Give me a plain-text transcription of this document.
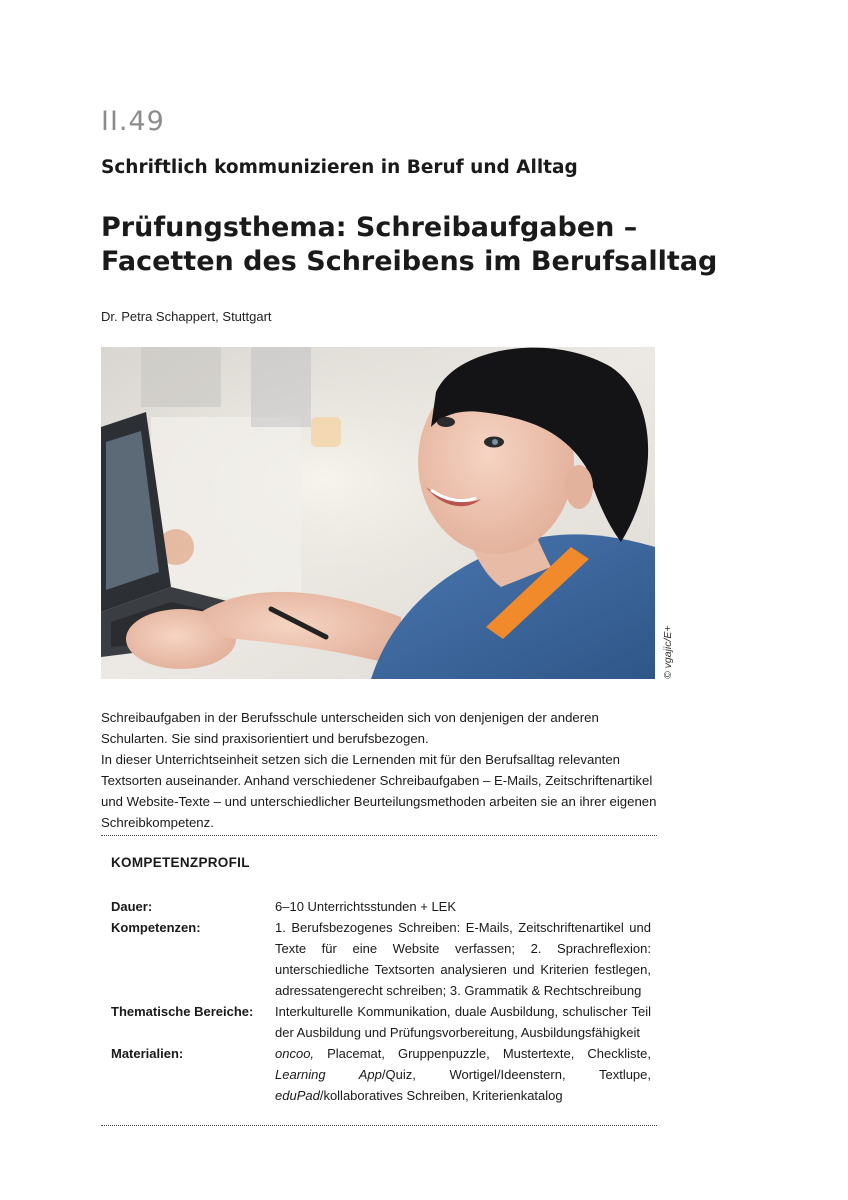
II.49
Schriftlich kommunizieren in Beruf und Alltag
Prüfungsthema: Schreibaufgaben –
Facetten des Schreibens im Berufsalltag
Dr. Petra Schappert, Stuttgart
© vgajic/E+

Schreibaufgaben in der Berufsschule unterscheiden sich von denjenigen der anderen Schularten. Sie sind praxisorientiert und berufsbezogen.

In dieser Unterrichtseinheit setzen sich die Lernenden mit für den Berufsalltag relevanten Textsorten auseinander. Anhand verschiedener Schreibaufgaben – E-Mails, Zeitschriftenartikel und Website-Texte – und unterschiedlicher Beurteilungsmethoden arbeiten sie an ihrer eigenen Schreibkompetenz.

KOMPETENZPROFIL
Dauer:	6–10 Unterrichtsstunden + LEK
Kompetenzen:	1. Berufsbezogenes Schreiben: E-Mails, Zeitschriftenartikel und Texte für eine Website verfassen; 2. Sprachreflexion: unterschiedliche Textsorten analysieren und Kriterien festlegen, adressatengerecht schreiben; 3. Grammatik & Rechtschreibung
Thematische Bereiche:	Interkulturelle Kommunikation, duale Ausbildung, schulischer Teil der Ausbildung und Prüfungsvorbereitung, Ausbildungsfähigkeit
Materialien:	oncoo, Placemat, Gruppenpuzzle, Mustertexte, Checkliste, Learning App/Quiz, Wortigel/Ideenstern, Textlupe, eduPad/kollaboratives Schreiben, Kriterienkatalog
